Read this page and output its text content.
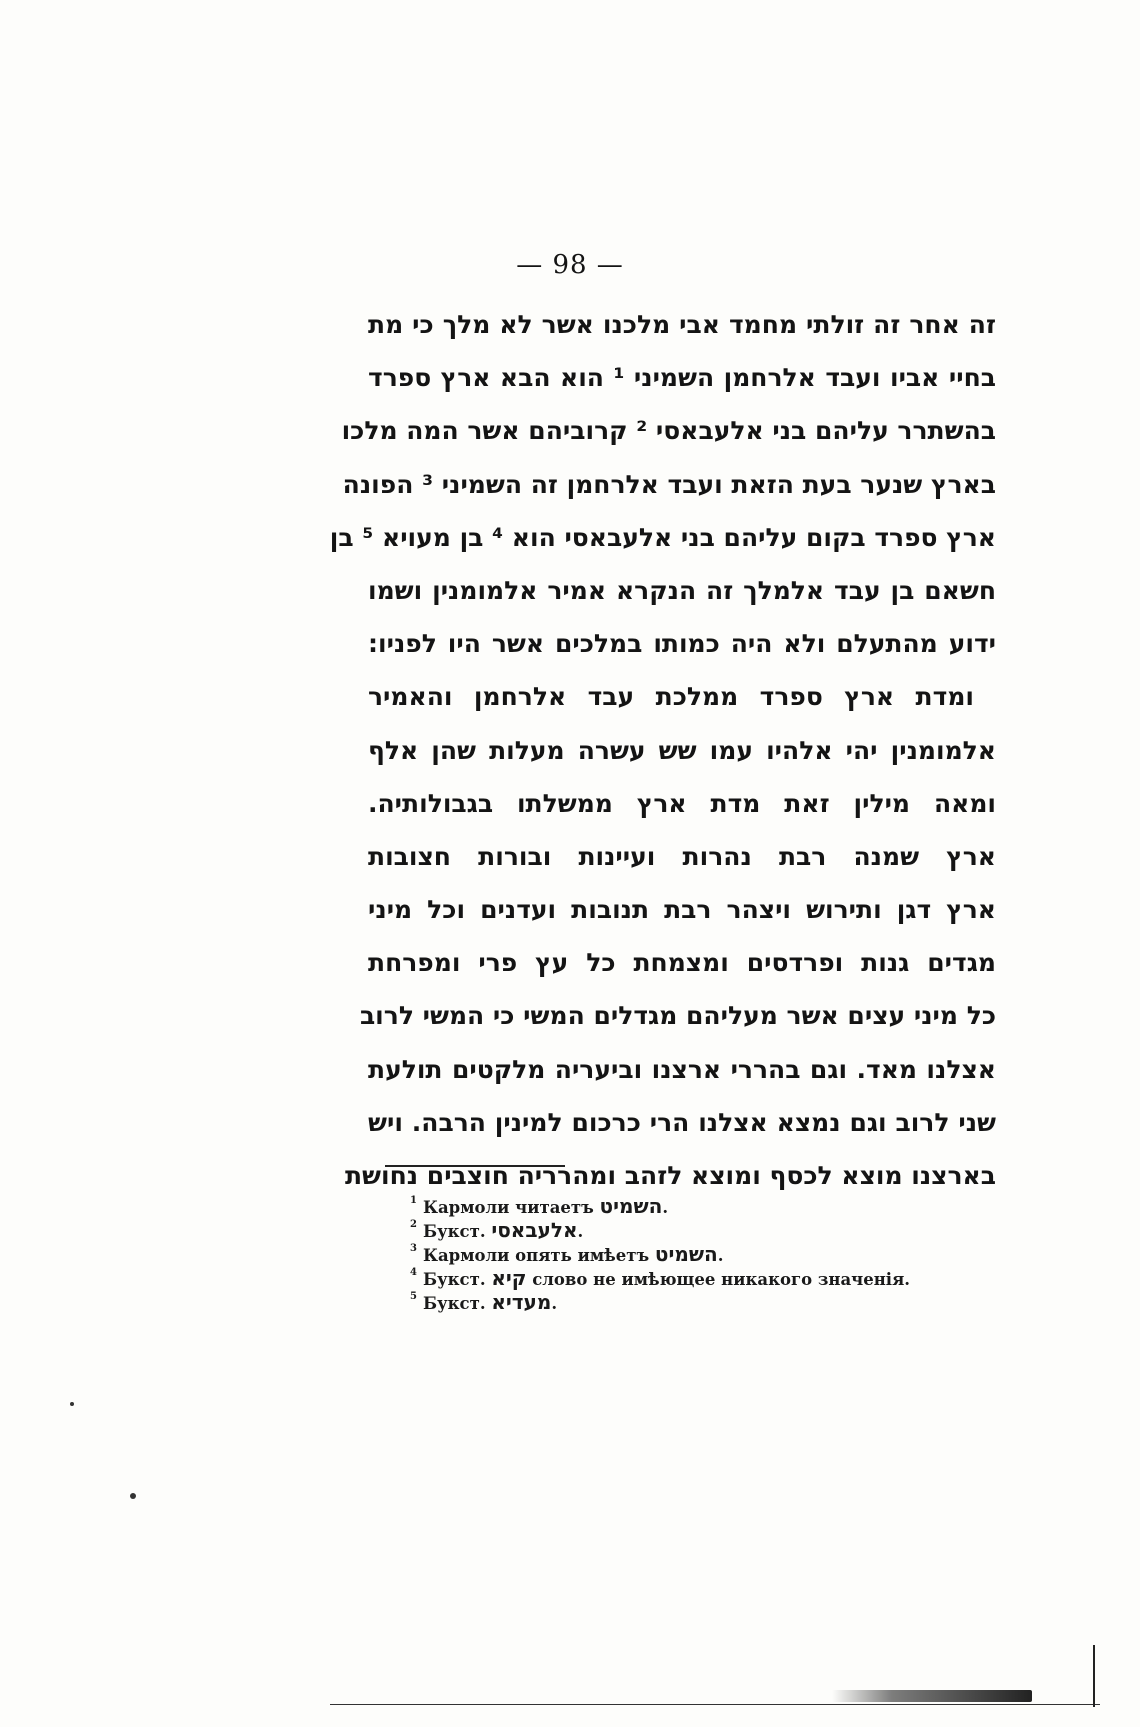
— 98 —
זה אחר זה זולתי מחמד אבי מלכנו אשר לא מלך כי מת
בחיי אביו ועבד אלרחמן השמיני ¹ הוא הבא ארץ ספרד
בהשתרר עליהם בני אלעבאסי ² קרוביהם אשר המה מלכו
בארץ שנער בעת הזאת ועבד אלרחמן זה השמיני ³ הפונה
ארץ ספרד בקום עליהם בני אלעבאסי הוא ⁴ בן מעויא ⁵ בן
חשאם בן עבד אלמלך זה הנקרא אמיר אלמומנין ושמו
ידוע מהתעלם ולא היה כמותו במלכים אשר היו לפניו:
ומדת ארץ ספרד ממלכת עבד אלרחמן והאמיר
אלמומנין יהי אלהיו עמו שש עשרה מעלות שהן אלף
ומאה מילין זאת מדת ארץ ממשלתו בגבולותיה.
ארץ שמנה רבת נהרות ועיינות ובורות חצובות
ארץ דגן ותירוש ויצהר רבת תנובות ועדנים וכל מיני
מגדים גנות ופרדסים ומצמחת כל עץ פרי ומפרחת
כל מיני עצים אשר מעליהם מגדלים המשי כי המשי לרוב
אצלנו מאד. וגם בהררי ארצנו וביעריה מלקטים תולעת
שני לרוב וגם נמצא אצלנו הרי כרכום למינין הרבה. ויש
בארצנו מוצא לכסף ומוצא לזהב ומהרריה חוצבים נחושת
$^1$ Кармоли читаетъ השמיט.
$^2$ Букст. אלעבאסי.
$^3$ Кармоли опять имѣетъ השמיט.
$^4$ Букст. קיא слово не имѣющее никакого значенія.
$^5$ Букст. מעדיא.
